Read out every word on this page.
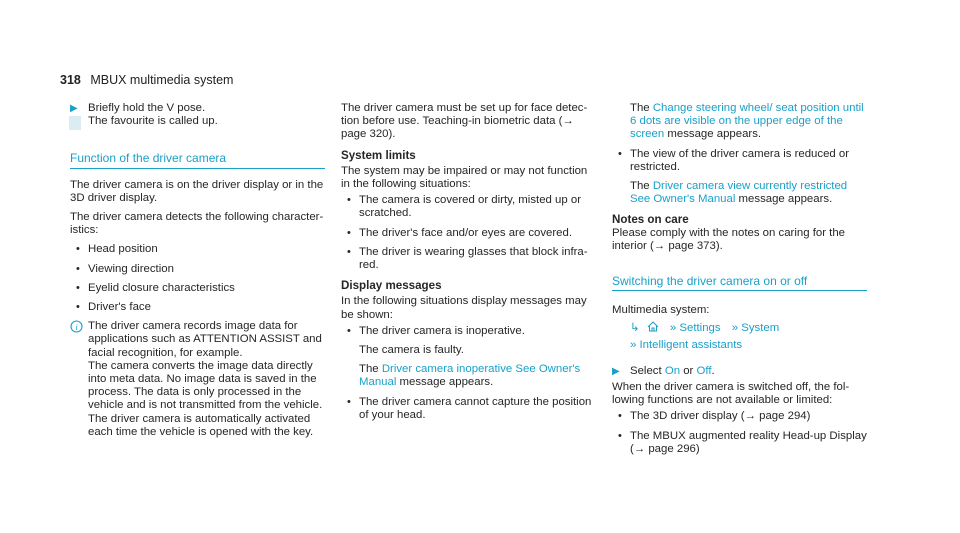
318 MBUX multimedia system
▶ Briefly hold the V pose.
The favourite is called up.

Function of the driver camera

The driver camera is on the driver display or in the 3D driver display.

The driver camera detects the following characteristics:

• Head position
• Viewing direction
• Eyelid closure characteristics
• Driver's face
i The driver camera records image data for applications such as ATTENTION ASSIST and facial recognition, for example.
The camera converts the image data directly into meta data. No image data is saved in the process. The data is only processed in the vehicle and is not transmitted from the vehicle.
The driver camera is automatically activated each time the vehicle is opened with the key.

The driver camera must be set up for face detection before use. Teaching-in biometric data (→ page 320).

System limits

The system may be impaired or may not function in the following situations:

• The camera is covered or dirty, misted up or scratched.
• The driver's face and/or eyes are covered.
• The driver is wearing glasses that block infrared.

Display messages

In the following situations display messages may be shown:

• The driver camera is inoperative.
The camera is faulty.
The Driver camera inoperative See Owner's Manual message appears.
• The driver camera cannot capture the position of your head.
The Change steering wheel/ seat position until 6 dots are visible on the upper edge of the screen message appears.
• The view of the driver camera is reduced or restricted.
The Driver camera view currently restricted See Owner's Manual message appears.

Notes on care

Please comply with the notes on caring for the interior (→ page 373).

Switching the driver camera on or off

Multimedia system:

↳	» Settings » System
» Intelligent assistants
▶ Select On or Off.

When the driver camera is switched off, the following functions are not available or limited:

• The 3D driver display (→ page 294)
• The MBUX augmented reality Head-up Display (→ page 296)
